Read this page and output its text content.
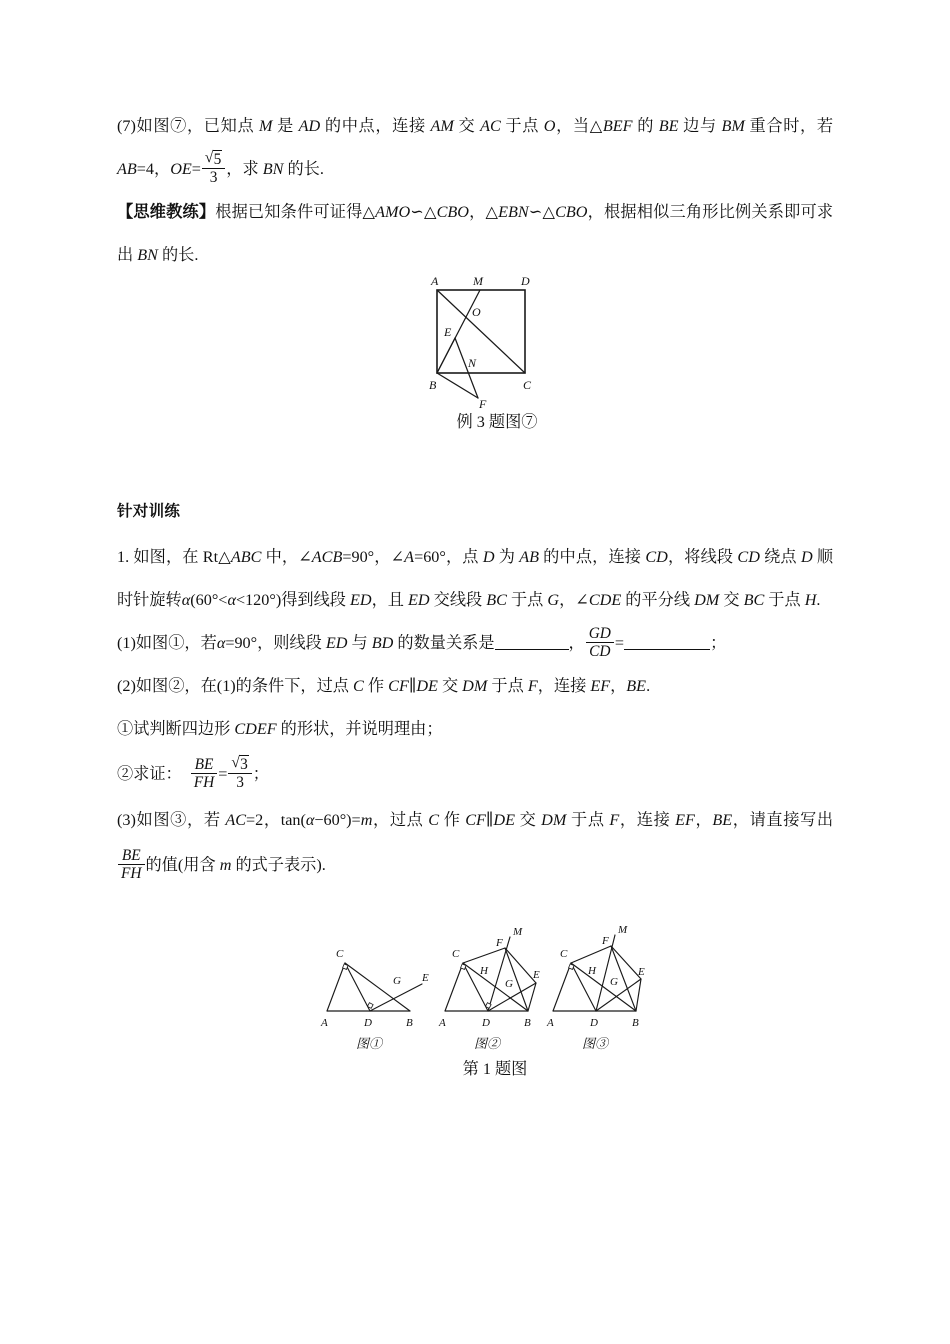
(7)如图⑦，已知点 M 是 AD 的中点，连接 AM 交 AC 于点 O，当△BEF 的 BE 边与 BM 重合时，若 AB=4，OE= √ $\frac{5}{3}$ ，求 BN 的长.

【思维教练】根据已知条件可证得△AMO∽△CBO，△EBN∽△CBO，根据相似三角形比例关系即可求出 BN 的长.

针对训练

1. 如图，在 Rt△ABC 中，∠ACB=90°，∠A=60°，点 D 为 AB 的中点，连接 CD，将线段 CD 绕点 D 顺时针旋转α(60°<α<120°)得到线段 ED，且 ED 交线段 BC 于点 G，∠CDE 的平分线 DM 交 BC 于点 H.

(1)如图①，若α=90°，则线段 ED 与 BD 的数量关系是	， $\frac{GD}{CD}$ =	；

(2)如图②，在(1)的条件下，过点 C 作 CF∥DE 交 DM 于点 F，连接 EF，BE.

①试判断四边形 CDEF 的形状，并说明理由；

②求证： $\frac{BE}{FH}$ = √ $\frac{3}{3}$ ；

(3)如图③，若 AC=2，tan(α−60°)=m，过点 C 作 CF∥DE 交 DM 于点 F，连接 EF，BE，请直接写出
$\frac{BE}{FH}$ 的值(用含 m 的式子表示).

A	M	D
O
E
N
B
F
C
例 3 题图⑦
C
G E
A	D	B
图①
M
F
C
H
G
E
A	D	B
图②
M
F
C
H
G
E
A	D	B
图③
第 1 题图
